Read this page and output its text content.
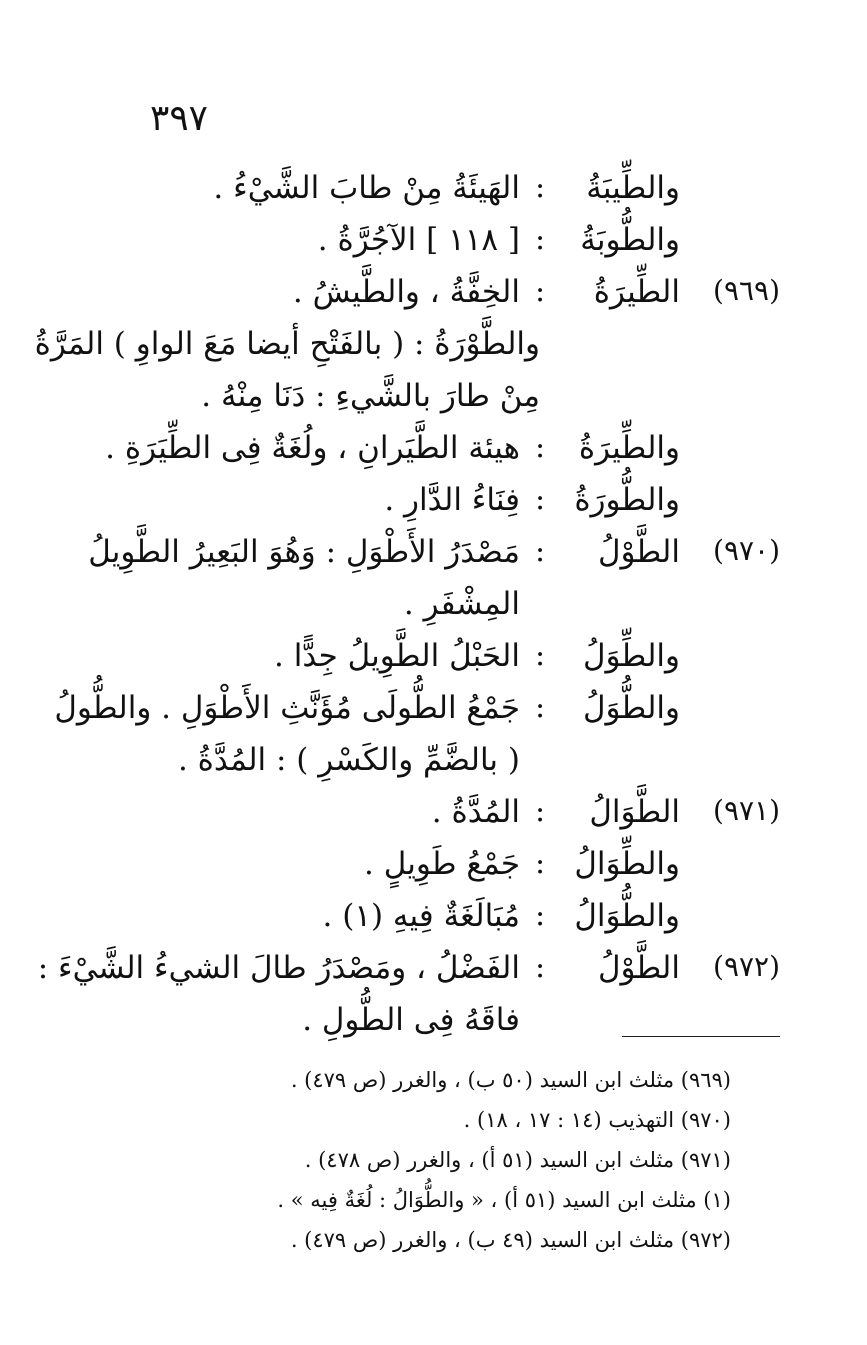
٣٩٧
والطِّيبَةُ
:
الهَيئَةُ مِنْ طابَ الشَّيْءُ .
والطُّوبَةُ
:
[ ١١٨ ] الآجُرَّةُ .
(٩٦٩)
الطِّيرَةُ
:
الخِفَّةُ ، والطَّيشُ .
والطَّوْرَةُ : ( بالفَتْحِ أيضا مَعَ الواوِ ) المَرَّةُ
مِنْ طارَ بالشَّيءِ : دَنَا مِنْهُ .
والطِّيرَةُ
:
هيئة الطَّيَرانِ ، ولُغَةٌ فِى الطِّيَرَةِ .
والطُّورَةُ
:
فِنَاءُ الدَّارِ .
(٩٧٠)
الطَّوْلُ
:
مَصْدَرُ الأَطْوَلِ : وَهُوَ البَعِيرُ الطَّوِيلُ
المِشْفَرِ .
والطِّوَلُ
:
الحَبْلُ الطَّوِيلُ جِدًّا .
والطُّوَلُ
:
جَمْعُ الطُّولَى مُؤَنَّثِ الأَطْوَلِ . والطُّولُ
( بالضَّمِّ والكَسْرِ ) : المُدَّةُ .
(٩٧١)
الطَّوَالُ
:
المُدَّةُ .
والطِّوَالُ
:
جَمْعُ طَوِيلٍ .
والطُّوَالُ
:
مُبَالَغَةٌ فِيهِ (١) .
(٩٧٢)
الطَّوْلُ
:
الفَضْلُ ، ومَصْدَرُ طالَ الشيءُ الشَّيْءَ :
فاقَهُ فِى الطُّولِ .
(٩٦٩) مثلث ابن السيد (٥٠ ب) ، والغرر (ص ٤٧٩) .
(٩٧٠) التهذيب (١٤ : ١٧ ، ١٨) .
(٩٧١) مثلث ابن السيد (٥١ أ) ، والغرر (ص ٤٧٨) .
(١) مثلث ابن السيد (٥١ أ) ، « والطُّوَالُ : لُغَةٌ فِيه » .
(٩٧٢) مثلث ابن السيد (٤٩ ب) ، والغرر (ص ٤٧٩) .
